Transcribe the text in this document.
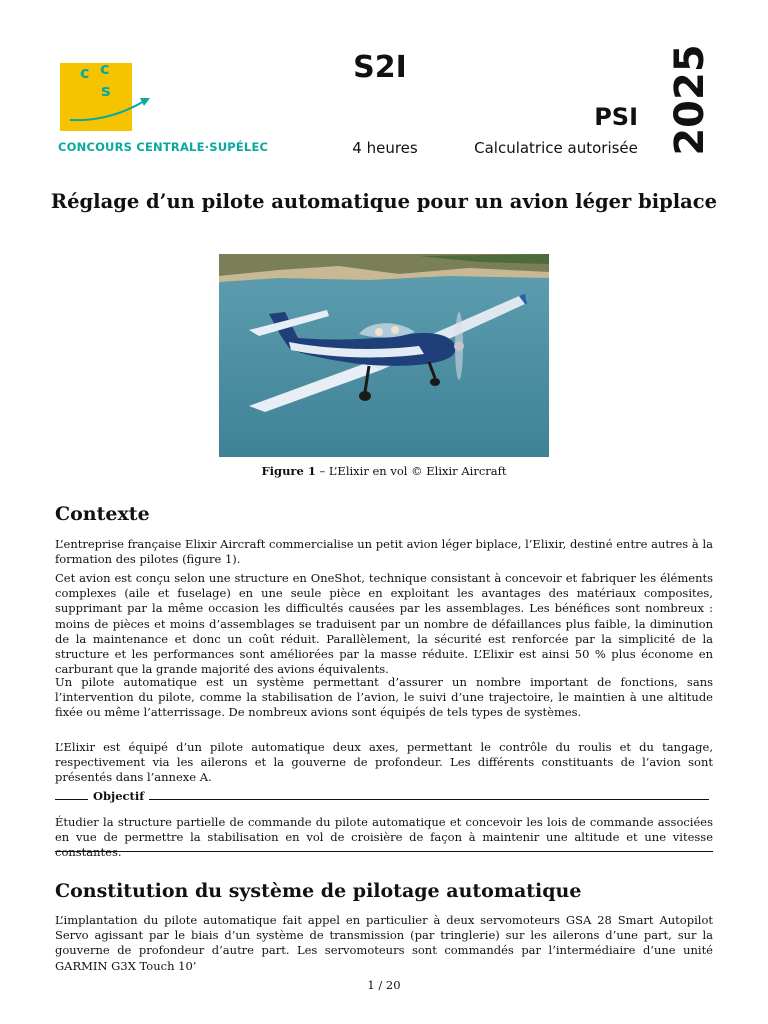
c c
s
CONCOURS CENTRALE·SUPÉLEC
S2I
PSI
4 heures	Calculatrice autorisée 2025
Réglage d’un pilote automatique pour un avion léger biplace
Figure 1 – L’Elixir en vol © Elixir Aircraft
Contexte

L’entreprise française Elixir Aircraft commercialise un petit avion léger biplace, l’Elixir, destiné entre autres à la formation des pilotes (figure 1).

Cet avion est conçu selon une structure en OneShot, technique consistant à concevoir et fabriquer les éléments complexes (aile et fuselage) en une seule pièce en exploitant les avantages des matériaux composites, supprimant par la même occasion les difficultés causées par les assemblages. Les bénéfices sont nombreux : moins de pièces et moins d’assemblages se traduisent par un nombre de défaillances plus faible, la diminution de la maintenance et donc un coût réduit. Parallèlement, la sécurité est renforcée par la simplicité de la structure et les performances sont améliorées par la masse réduite. L’Elixir est ainsi 50 % plus économe en carburant que la grande majorité des avions équivalents.

Un pilote automatique est un système permettant d’assurer un nombre important de fonctions, sans l’intervention du pilote, comme la stabilisation de l’avion, le suivi d’une trajectoire, le maintien à une altitude fixée ou même l’atterrissage. De nombreux avions sont équipés de tels types de systèmes.

L’Elixir est équipé d’un pilote automatique deux axes, permettant le contrôle du roulis et du tangage, respectivement via les ailerons et la gouverne de profondeur. Les différents constituants de l’avion sont présentés dans l’annexe A.

Objectif

Étudier la structure partielle de commande du pilote automatique et concevoir les lois de commande associées en vue de permettre la stabilisation en vol de croisière de façon à maintenir une altitude et une vitesse constantes.

Constitution du système de pilotage automatique

L’implantation du pilote automatique fait appel en particulier à deux servomoteurs GSA 28 Smart Autopilot Servo agissant par le biais d’un système de transmission (par tringlerie) sur les ailerons d’une part, sur la gouverne de profondeur d’autre part. Les servomoteurs sont commandés par l’intermédiaire d’une unité GARMIN G3X Touch 10’

1 / 20
